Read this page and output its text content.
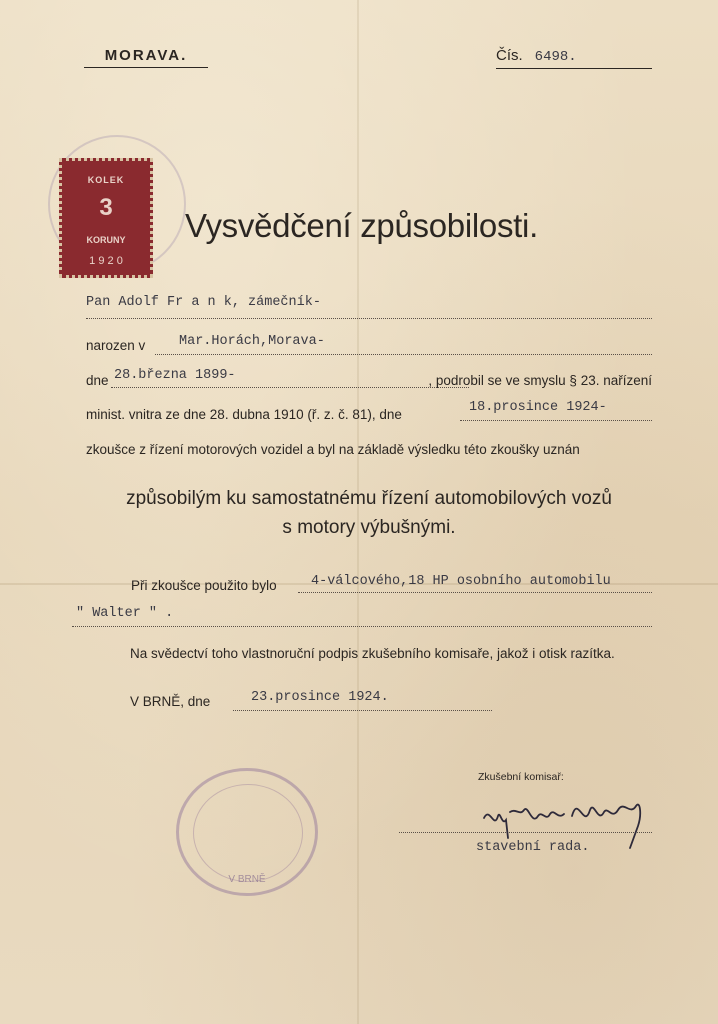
MORAVA.	Čís. 6498.
KOLEK
3
KORUNY
1 9 2 0
Vysvědčení způsobilosti.
Pan Adolf Fr a n k, zámečník-
narozen v Mar.Horách,Morava-
dne 28.března 1899-	, podrobil se ve smyslu § 23. nařízení
minist. vnitra ze dne 28. dubna 1910 (ř. z. č. 81), dne	18.prosince 1924-
zkoušce z řízení motorových vozidel a byl na základě výsledku této zkoušky uznán
způsobilým ku samostatnému řízení automobilových vozů
s motory výbušnými.
Při zkoušce použito bylo	4-válcového,18 HP osobního automobilu
" Walter " .
Na svědectví toho vlastnoruční podpis zkušebního komisaře, jakož i otisk razítka.
V BRNĚ, dne	23.prosince 1924.
V BRNĚ
Zkušební komisař:
stavební rada.
